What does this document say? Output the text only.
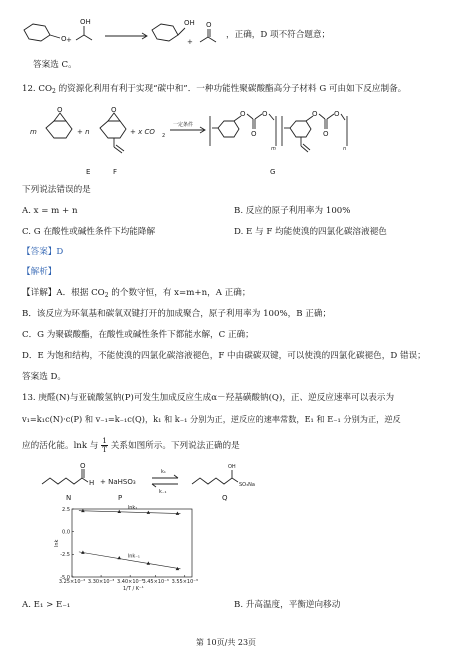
O +
OH	OH
+
O
，正确，D 项不符合题意；
答案选 C。
12. $CO_2$ 的资源化利用有利于实现“碳中和”．一种功能性聚碳酸酯高分子材料 G 可由如下反应制备。
m
O
+ n
O
+ x CO 2
一定条件
O
O
O
m
O
O
O
n
E	F	G
下列说法错误的是
A. x = m + n	B. 反应的原子利用率为 100%
C. G 在酸性或碱性条件下均能降解	D. E 与 F 均能使溴的四氯化碳溶液褪色
【答案】D
【解析】
【详解】A．根据 $CO_2$ 的个数守恒，有 x=m+n，A 正确；
B．该反应为环氧基和碳氧双键打开的加成聚合，原子利用率为 100%，B 正确；
C．G 为聚碳酸酯，在酸性或碱性条件下都能水解，C 正确；
D．E 为饱和结构，不能使溴的四氯化碳溶液褪色，F 中由碳碳双键，可以使溴的四氯化碳褪色，D 错误；
答案选 D。
13. 庚醛(N)与亚硫酸氢钠(P)可发生加成反应生成α－羟基磺酸钠(Q)，正、逆反应速率可以表示为
v₁=k₁c(N)·c(P) 和 v₋₁=k₋₁c(Q)，k₁ 和 k₋₁ 分别为正，逆反应的速率常数，E₁ 和 E₋₁ 分别为正，逆反
应的活化能。lnk 与 $\frac{1}{T}$ 关系如图所示。下列说法正确的是
O
H + NaHSO₃
k₁
k₋₁
OH
SO₃Na
N	P	Q
lnk
1/T / K⁻¹
2.5
0.0
-2.5
-5.0
3.25×10⁻³ 3.30×10⁻³ 3.40×10⁻³ 3.45×10⁻³ 3.55×10⁻³
lnk₁
lnk₋₁
A. E₁ > E₋₁	B. 升高温度，平衡逆向移动
第 10页/共 23页
